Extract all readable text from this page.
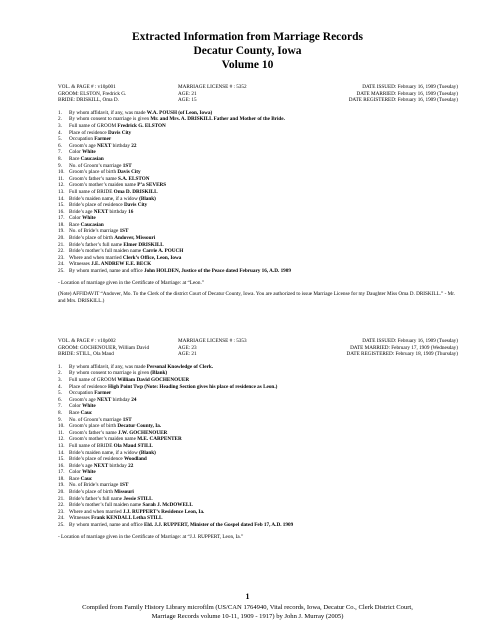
Extracted Information from Marriage Records
Decatur County, Iowa
Volume 10
VOL. & PAGE # : v10p001	MARRIAGE LICENSE # : 5352	DATE ISSUED: February 16, 1909 (Tuesday)
GROOM: ELSTON, Fredrick G.	AGE: 21	DATE MARRIED: February 16, 1909 (Tuesday)
BRIDE: DRISKILL, Oma D.	AGE: 15	DATE REGISTERED: February 16, 1909 (Tuesday)
1. By whom affidavit, if any, was made W.A. POUSH (of Leon, Iowa)
2. By whom consent to marriage is given Mr. and Mrs. A. DRISKILL Father and Mother of the Bride.
3. Full name of GROOM Fredrick G. ELSTON
4. Place of residence Davis City
5. Occupation Farmer
6. Groom’s age NEXT birthday 22
7. Color White
8. Race Caucasian
9. No. of Groom’s marriage 1ST
10. Groom’s place of birth Davis City
11. Groom’s father’s name S.A. ELSTON
12. Groom’s mother’s maiden name P’a SEVERS
13. Full name of BRIDE Oma D. DRISKILL
14. Bride’s maiden name, if a widow (Blank)
15. Bride’s place of residence Davis City
16. Bride’s age NEXT birthday 16
17. Color White
18. Race Caucasian
19. No. of Bride’s marriage 1ST
20. Bride’s place of birth Andover, Missouri
21. Bride’s father’s full name Elmer DRISKILL
22. Bride’s mother’s full maiden name Carrie A. POUCH
23. Where and when married Clerk’s Office, Leon, Iowa
24. Witnesses J.E. ANDREW E.E. BECK
25. By whom married, name and office John HOLDEN, Justice of the Peace dated February 16, A.D. 1909
- Location of marriage given in the Certificate of Marriage: at “Leon.”
(Note) AFFIDAVIT “Andover, Mo. To the Clerk of the district Court of Decatur County, Iowa. You are authorized to issue Marriage License for my Daughter Miss Oma D. DRISKILL.” - Mr. and Mrs. DRISKILL.)
VOL. & PAGE # : v10p002	MARRIAGE LICENSE # : 5353	DATE ISSUED: February 16, 1909 (Tuesday)
GROOM: GOCHENOUER, William David	AGE: 23	DATE MARRIED: February 17, 1909 (Wednesday)
BRIDE: STILL, Ola Maud	AGE: 21	DATE REGISTERED: February 18, 1909 (Thursday)
1. By whom affidavit, if any, was made Personal Knowledge of Clerk.
2. By whom consent to marriage is given (Blank)
3. Full name of GROOM William David GOCHENOUER
4. Place of residence High Point Twp (Note: Heading Section gives his place of residence as Leon.)
5. Occupation Farmer
6. Groom’s age NEXT birthday 24
7. Color White
8. Race Cauc
9. No. of Groom’s marriage 1ST
10. Groom’s place of birth Decatur County, Ia.
11. Groom’s father’s name J.W. GOCHENOUER
12. Groom’s mother’s maiden name M.E. CARPENTER
13. Full name of BRIDE Ola Maud STILL
14. Bride’s maiden name, if a widow (Blank)
15. Bride’s place of residence Woodland
16. Bride’s age NEXT birthday 22
17. Color White
18. Race Cauc
19. No. of Bride’s marriage 1ST
20. Bride’s place of birth Missouri
21. Bride’s father’s full name Jessie STILL
22. Bride’s mother’s full maiden name Sarah J. McDOWELL
23. Where and when married J.J. RUPPERT’s Residence Leon, Ia.
24. Witnesses Frank KENDALL Letha STILL
25. By whom married, name and office Eld. J.J. RUPPERT, Minister of the Gospel dated Feb 17, A.D. 1909
- Location of marriage given in the Certificate of Marriage: at “J.J. RUPPERT, Leon, Ia.”
1
Compiled from Family History Library microfilm (US/CAN 1764940, Vital records, Iowa, Decatur Co., Clerk District Court,
Marriage Records volume 10-11, 1909 - 1917) by John J. Murray (2005)
